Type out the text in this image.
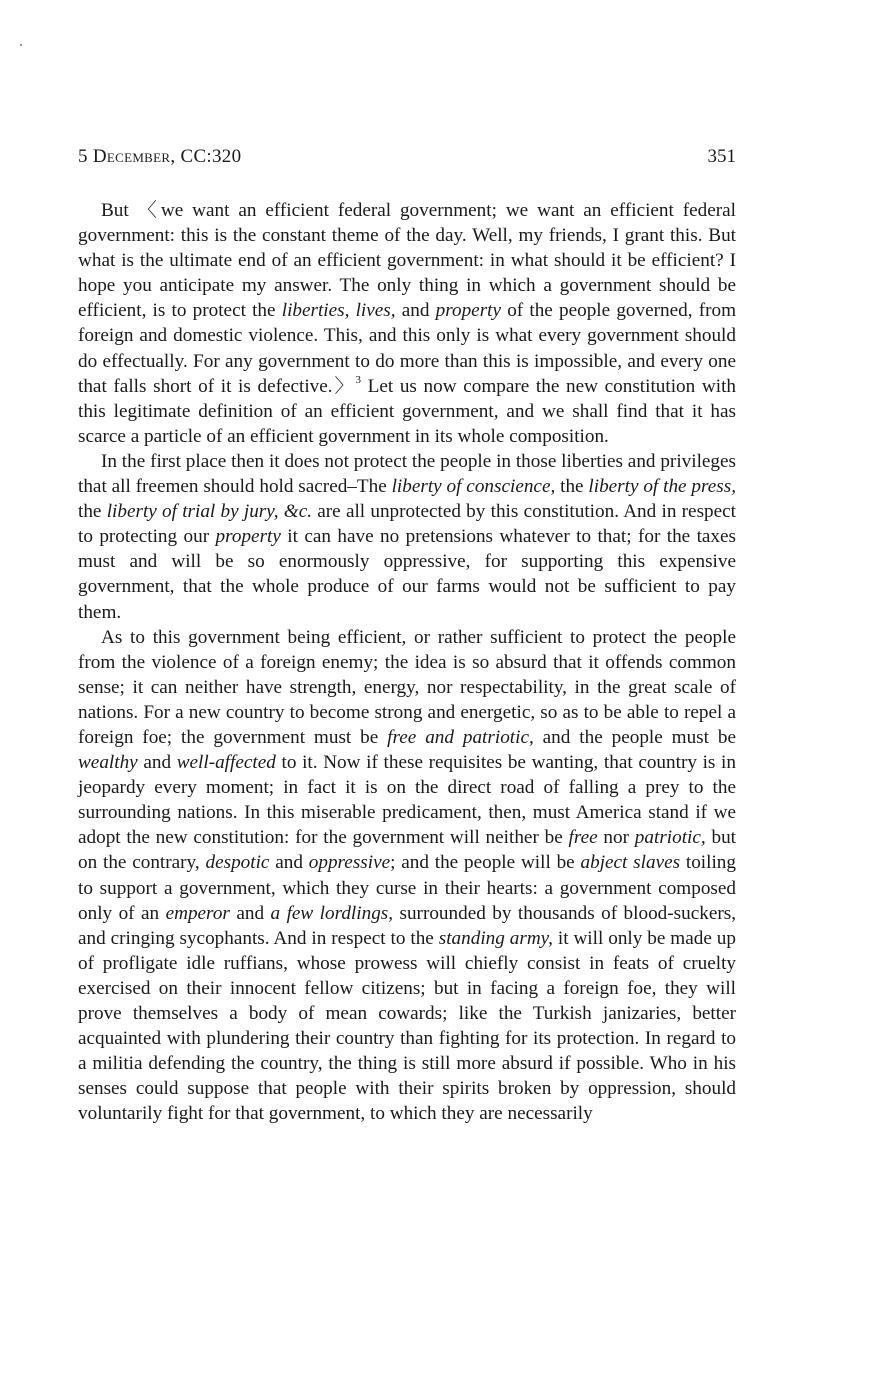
5 December, CC:320	351

But 〈we want an efficient federal government; we want an efficient federal government: this is the constant theme of the day. Well, my friends, I grant this. But what is the ultimate end of an efficient government: in what should it be efficient? I hope you anticipate my answer. The only thing in which a government should be efficient, is to protect the liberties, lives, and property of the people governed, from foreign and domestic violence. This, and this only is what every government should do effectually. For any government to do more than this is impossible, and every one that falls short of it is defective.〉$^3$ Let us now compare the new constitution with this legitimate definition of an efficient government, and we shall find that it has scarce a particle of an efficient government in its whole composition.

In the first place then it does not protect the people in those liberties and privileges that all freemen should hold sacred–The liberty of conscience, the liberty of the press, the liberty of trial by jury, &c. are all unprotected by this constitution. And in respect to protecting our property it can have no pretensions whatever to that; for the taxes must and will be so enormously oppressive, for supporting this expensive government, that the whole produce of our farms would not be sufficient to pay them.

As to this government being efficient, or rather sufficient to protect the people from the violence of a foreign enemy; the idea is so absurd that it offends common sense; it can neither have strength, energy, nor respectability, in the great scale of nations. For a new country to become strong and energetic, so as to be able to repel a foreign foe; the government must be free and patriotic, and the people must be wealthy and well-affected to it. Now if these requisites be wanting, that country is in jeopardy every moment; in fact it is on the direct road of falling a prey to the surrounding nations. In this miserable predicament, then, must America stand if we adopt the new constitution: for the government will neither be free nor patriotic, but on the contrary, despotic and oppressive; and the people will be abject slaves toiling to support a government, which they curse in their hearts: a government composed only of an emperor and a few lordlings, surrounded by thousands of blood-suckers, and cringing sycophants. And in respect to the standing army, it will only be made up of profligate idle ruffians, whose prowess will chiefly consist in feats of cruelty exercised on their innocent fellow citizens; but in facing a foreign foe, they will prove themselves a body of mean cowards; like the Turkish janizaries, better acquainted with plundering their country than fighting for its protection. In regard to a militia defending the country, the thing is still more absurd if possible. Who in his senses could suppose that people with their spirits broken by oppression, should voluntarily fight for that government, to which they are necessarily
